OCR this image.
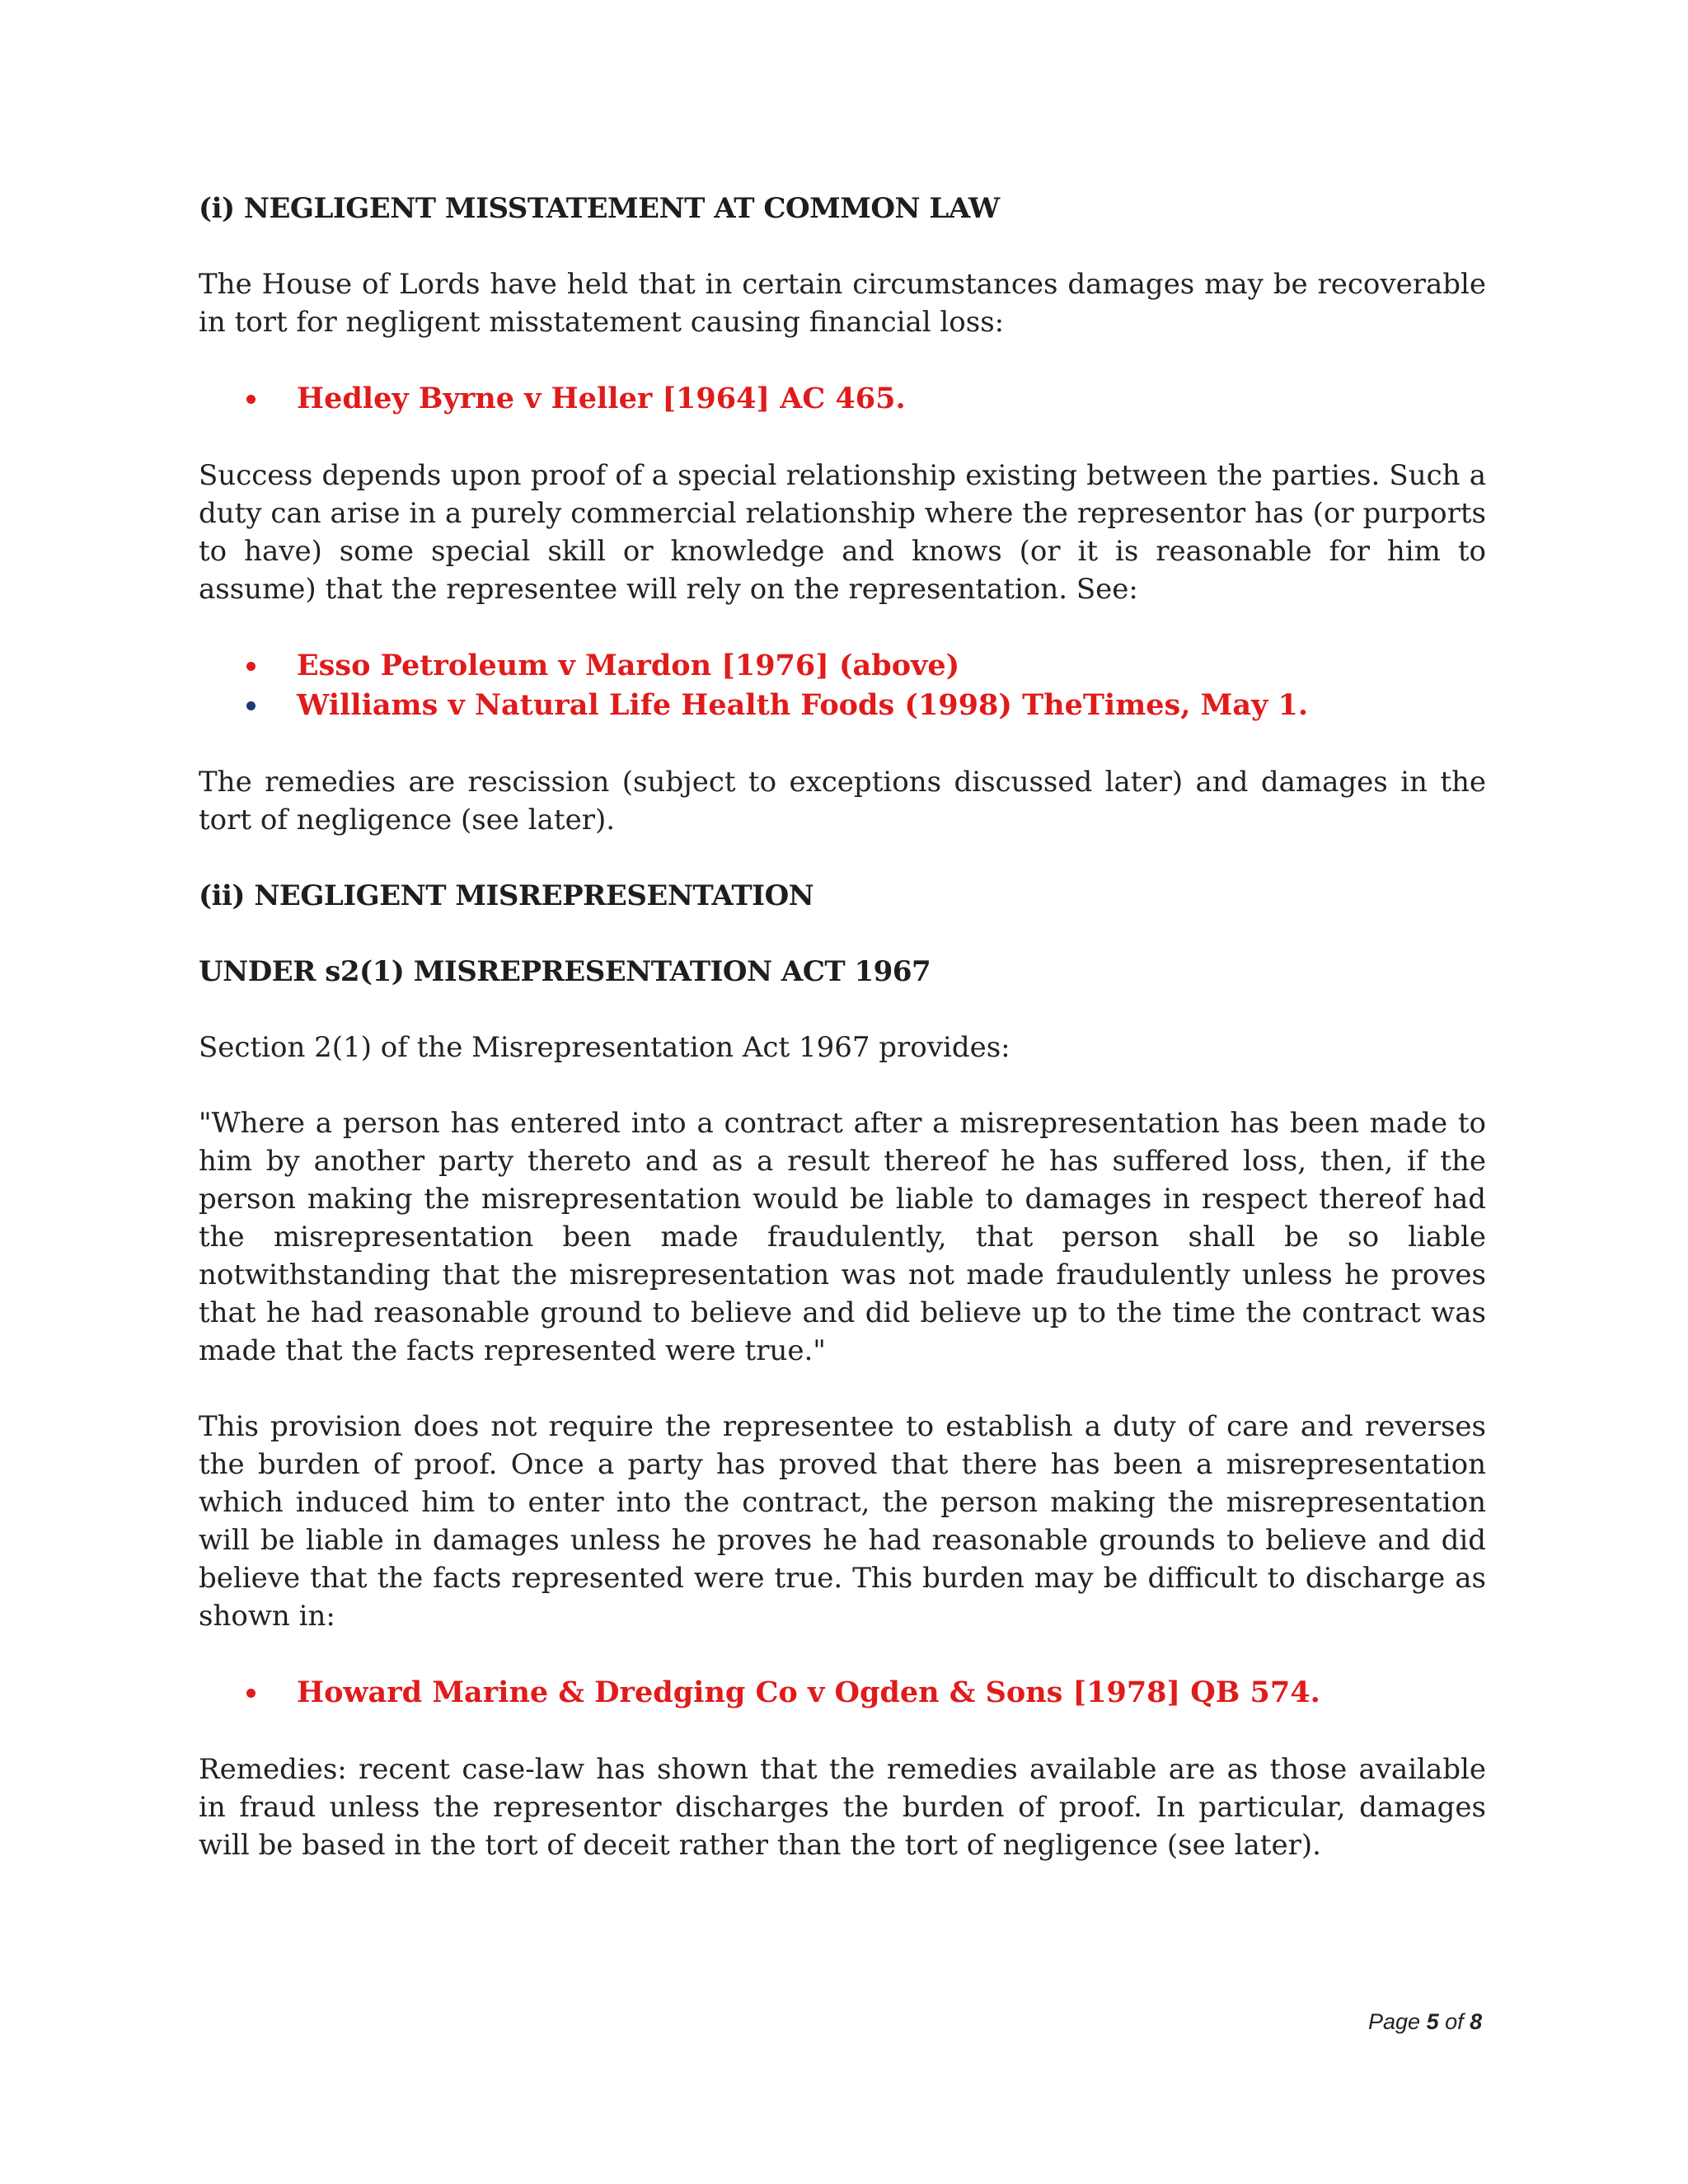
(i) NEGLIGENT MISSTATEMENT AT COMMON LAW

The House of Lords have held that in certain circumstances damages may be recoverable in tort for negligent misstatement causing financial loss:

Hedley Byrne v Heller [1964] AC 465.

Success depends upon proof of a special relationship existing between the parties. Such a duty can arise in a purely commercial relationship where the representor has (or purports to have) some special skill or knowledge and knows (or it is reasonable for him to assume) that the representee will rely on the representation. See:

Esso Petroleum v Mardon [1976] (above)
Williams v Natural Life Health Foods (1998) TheTimes, May 1.

The remedies are rescission (subject to exceptions discussed later) and damages in the tort of negligence (see later).

(ii) NEGLIGENT MISREPRESENTATION

UNDER s2(1) MISREPRESENTATION ACT 1967

Section 2(1) of the Misrepresentation Act 1967 provides:

"Where a person has entered into a contract after a misrepresentation has been made to him by another party thereto and as a result thereof he has suffered loss, then, if the person making the misrepresentation would be liable to damages in respect thereof had the misrepresentation been made fraudulently, that person shall be so liable notwithstanding that the misrepresentation was not made fraudulently unless he proves that he had reasonable ground to believe and did believe up to the time the contract was made that the facts represented were true."

This provision does not require the representee to establish a duty of care and reverses the burden of proof. Once a party has proved that there has been a misrepresentation which induced him to enter into the contract, the person making the misrepresentation will be liable in damages unless he proves he had reasonable grounds to believe and did believe that the facts represented were true. This burden may be difficult to discharge as shown in:

Howard Marine & Dredging Co v Ogden & Sons [1978] QB 574.

Remedies: recent case-law has shown that the remedies available are as those available in fraud unless the representor discharges the burden of proof. In particular, damages will be based in the tort of deceit rather than the tort of negligence (see later).

Page 5 of 8
